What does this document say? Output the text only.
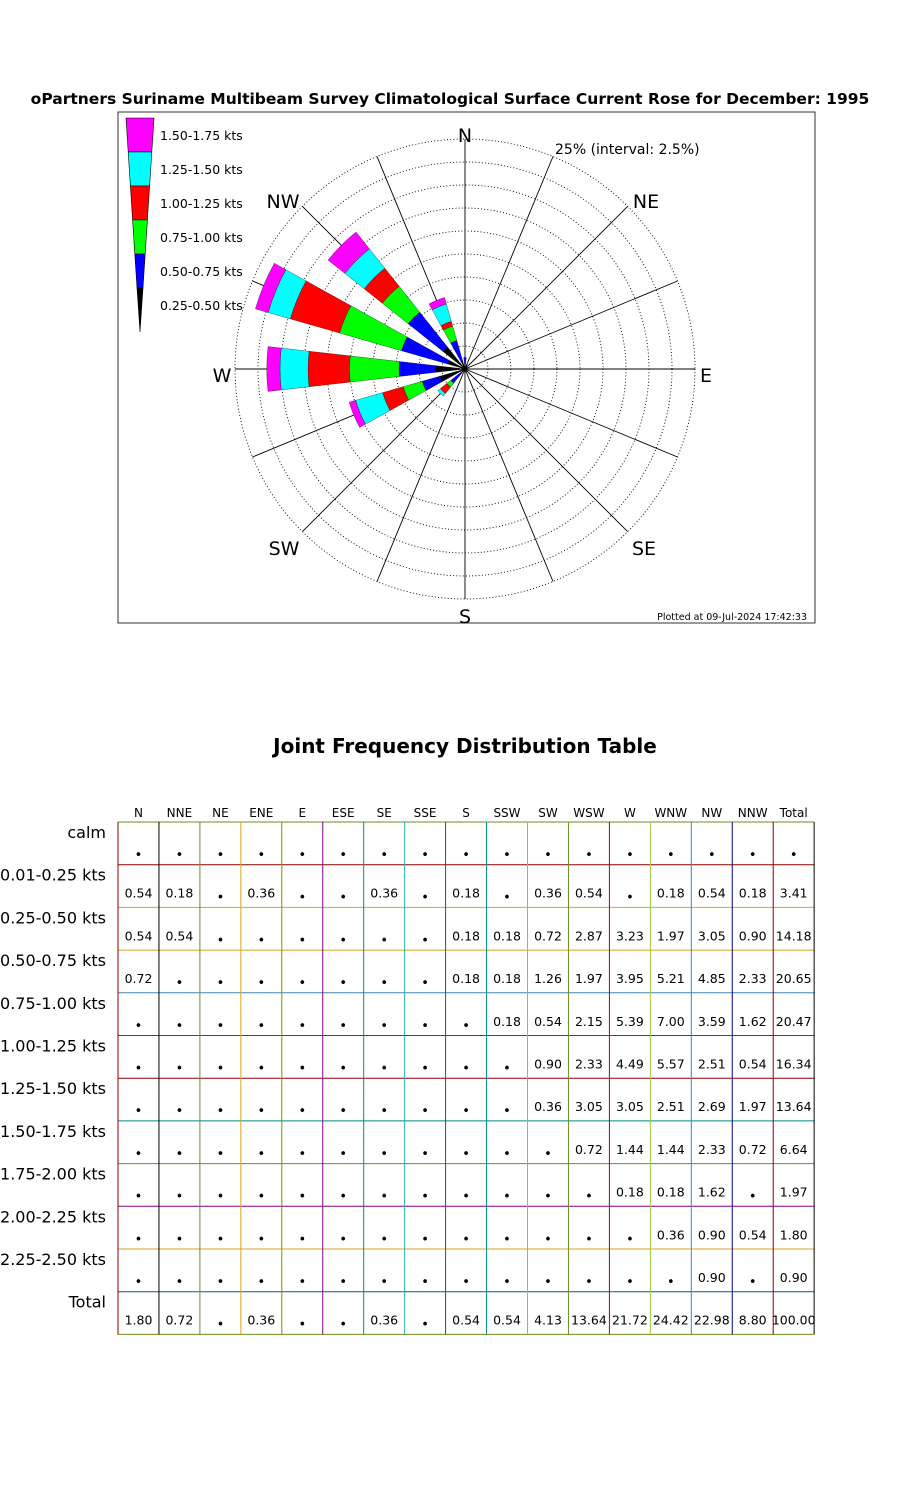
oPartners Suriname Multibeam Survey Climatological Surface Current Rose for December: 1995
N
NE
E
SE
S
SW
W
NW
25% (interval: 2.5%)
Plotted at 09-Jul-2024 17:42:33
1.50-1.75 kts
1.25-1.50 kts
1.00-1.25 kts
0.75-1.00 kts
0.50-0.75 kts
0.25-0.50 kts
Joint Frequency Distribution Table
N NNE NE ENE E ESE SE SSE S SSW SW WSW W WNW NW NNW Total
calm
•	•	•	•	•	•	•	•	•	•	•	•	•	•	•	•	•
0.01-0.25 kts
0.54 0.18 • 0.36 •	• 0.36 • 0.18 • 0.36 0.54 • 0.18 0.54 0.18 3.41
0.25-0.50 kts
0.54 0.54 •	•	•	•	•	• 0.18 0.18 0.72 2.87 3.23 1.97 3.05 0.90 14.18
0.50-0.75 kts
0.72 •	•	•	•	•	•	• 0.18 0.18 1.26 1.97 3.95 5.21 4.85 2.33 20.65
0.75-1.00 kts
•	•	•	•	•	•	•	•	• 0.18 0.54 2.15 5.39 7.00 3.59 1.62 20.47
1.00-1.25 kts
•	•	•	•	•	•	•	•	•	• 0.90 2.33 4.49 5.57 2.51 0.54 16.34
1.25-1.50 kts
•	•	•	•	•	•	•	•	•	• 0.36 3.05 3.05 2.51 2.69 1.97 13.64
1.50-1.75 kts
•	•	•	•	•	•	•	•	•	•	• 0.72 1.44 1.44 2.33 0.72 6.64
1.75-2.00 kts
•	•	•	•	•	•	•	•	•	•	•	• 0.18 0.18 1.62 • 1.97
2.00-2.25 kts
•	•	•	•	•	•	•	•	•	•	•	•	• 0.36 0.90 0.54 1.80
2.25-2.50 kts
•	•	•	•	•	•	•	•	•	•	•	•	•	• 0.90 • 0.90
Total
1.80 0.72 • 0.36 •	• 0.36 • 0.54 0.54 4.13 13.64 21.72 24.42 22.98 8.80 100.00
